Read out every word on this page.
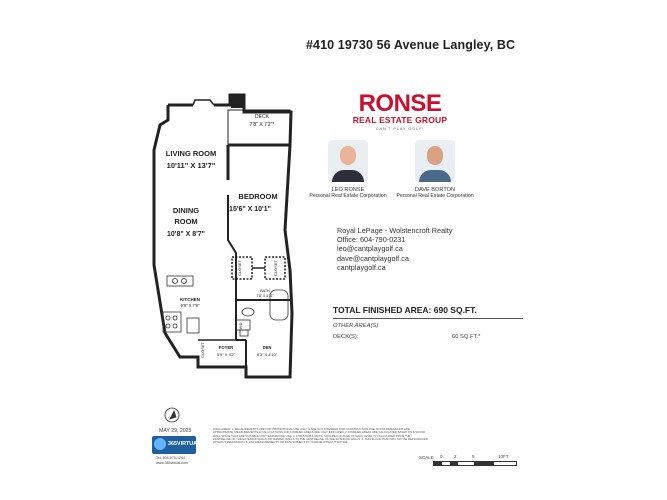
DECK
7'8" X 7'2"*
LIVING ROOM
10'11" X 13'7"
BEDROOM
15'6" X 10'1"
DINING
ROOM
10'8" X 8'7"
KITCHEN
9'9" X 7'8"
BATH
7'8" X 4'11"
FOYER
5'9" X 4'2"
DEN
8'3" X 4'10"
CLOSET	CLOSET
CLOSET
W/D
#410 19730 56 Avenue Langley, BC
RONSE
REAL ESTATE GROUP
CAN'T PLAY GOLF!
LEO RONSE
Personal Real Estate Corporation
DAVE BORTON
Personal Real Estate Corporation
Royal LePage - Wolstencroft Realty
Office: 604-790-0231
leo@cantplaygolf.ca
dave@cantplaygolf.ca
cantplaygolf.ca
TOTAL FINISHED AREA: 690 SQ.FT.
OTHER AREA(S)
DECK(S):	60 SQ.FT.*
MAY 29, 2025
365VIRTUAL
Tel: 604-575-1244
www.365virtual.com
DISCLAIMER: 1. MEASUREMENTS ARE FOR PROMOTIONAL USE ONLY & ARE NOT INTENDED FOR CONSTRUCTION USE. ROOM DIMENSIONS ARE APPROXIMATE. MEASUREMENTS & CALCULATIONS FOR FINISHED AREAS ARE ONLY INDICATED. 2. FINISHED AREAS ARE CALCULATED BASED ON A SOUND WALL SPACE THAT ARE SUITABLE FOR YEAR-ROUND USE. 3. FOR STRATA UNITS, SQUARE FOOTAGE OF EACH LEVEL IS CALCULATED FROM THE CENTRELINE OF THE EXTERIOR WALLS OR SHARED WALLS TO THE CENTRELINE OF THE EXTERIOR WALLS. 4. THIS FLOOR PLAN MAY NOT BE REPRODUCED WITHOUT PERMISSION. 5. ANY MEASUREMENTS OR DATA SUBJECT TO CHANGE WITHOUT NOTICE.
SCALE 0	2	5	10FT
